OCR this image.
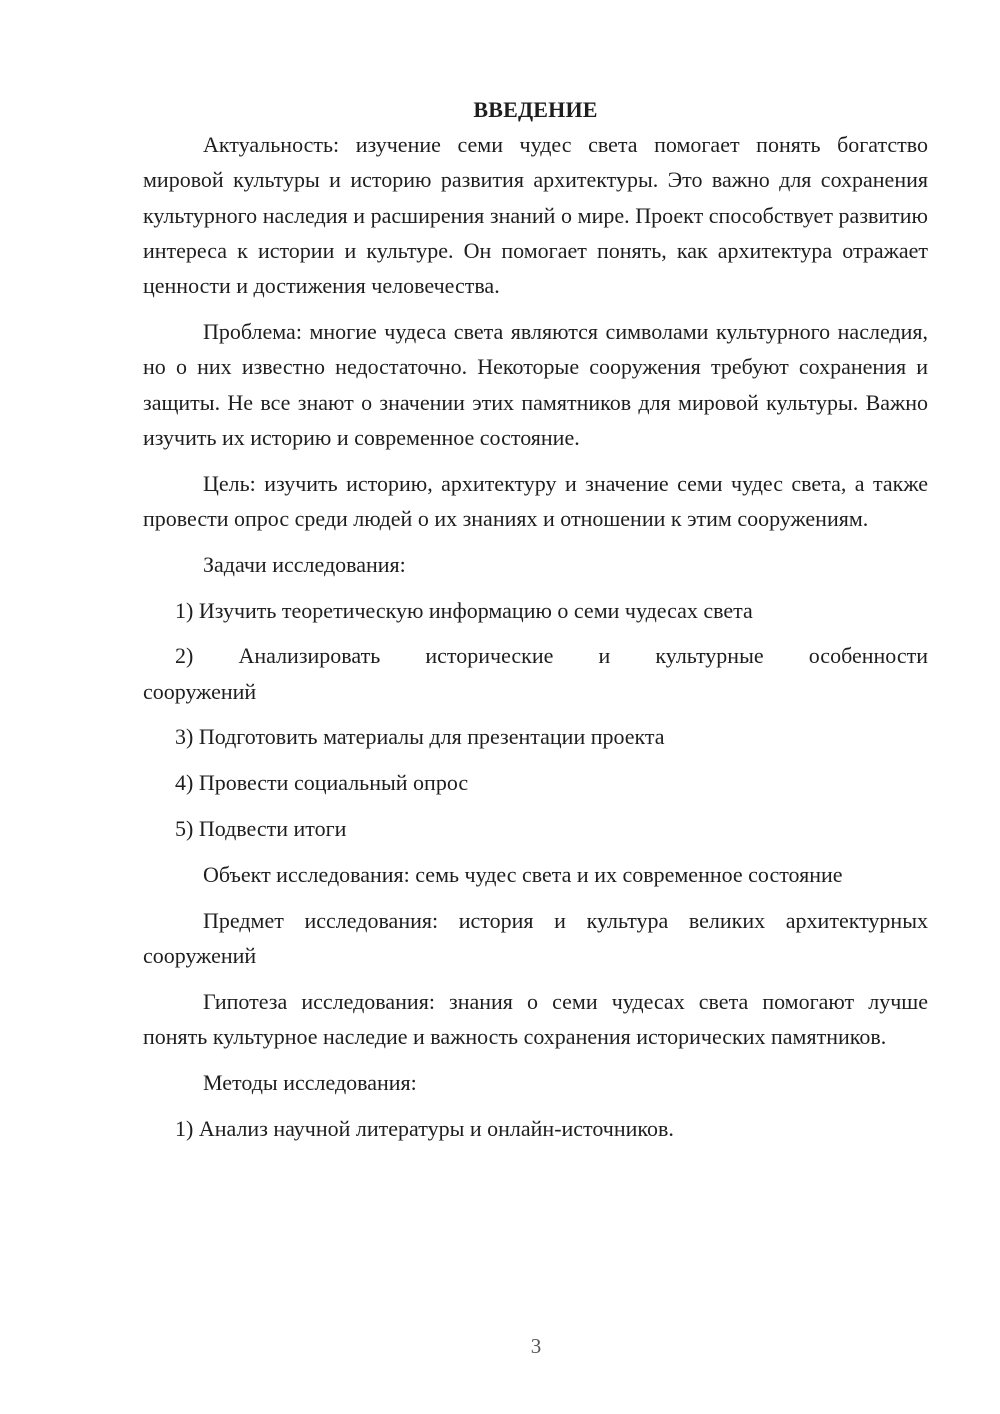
ВВЕДЕНИЕ

Актуальность: изучение семи чудес света помогает понять богатство мировой культуры и историю развития архитектуры. Это важно для сохранения культурного наследия и расширения знаний о мире. Проект способствует развитию интереса к истории и культуре. Он помогает понять, как архитектура отражает ценности и достижения человечества.

Проблема: многие чудеса света являются символами культурного наследия, но о них известно недостаточно. Некоторые сооружения требуют сохранения и защиты. Не все знают о значении этих памятников для мировой культуры. Важно изучить их историю и современное состояние.

Цель: изучить историю, архитектуру и значение семи чудес света, а также провести опрос среди людей о их знаниях и отношении к этим сооружениям.

Задачи исследования:

1) Изучить теоретическую информацию о семи чудесах света

2) Анализировать исторические и культурные особенности сооружений

3) Подготовить материалы для презентации проекта

4) Провести социальный опрос

5) Подвести итоги

Объект исследования: семь чудес света и их современное состояние

Предмет исследования: история и культура великих архитектурных сооружений

Гипотеза исследования: знания о семи чудесах света помогают лучше понять культурное наследие и важность сохранения исторических памятников.

Методы исследования:

1) Анализ научной литературы и онлайн-источников.

3
